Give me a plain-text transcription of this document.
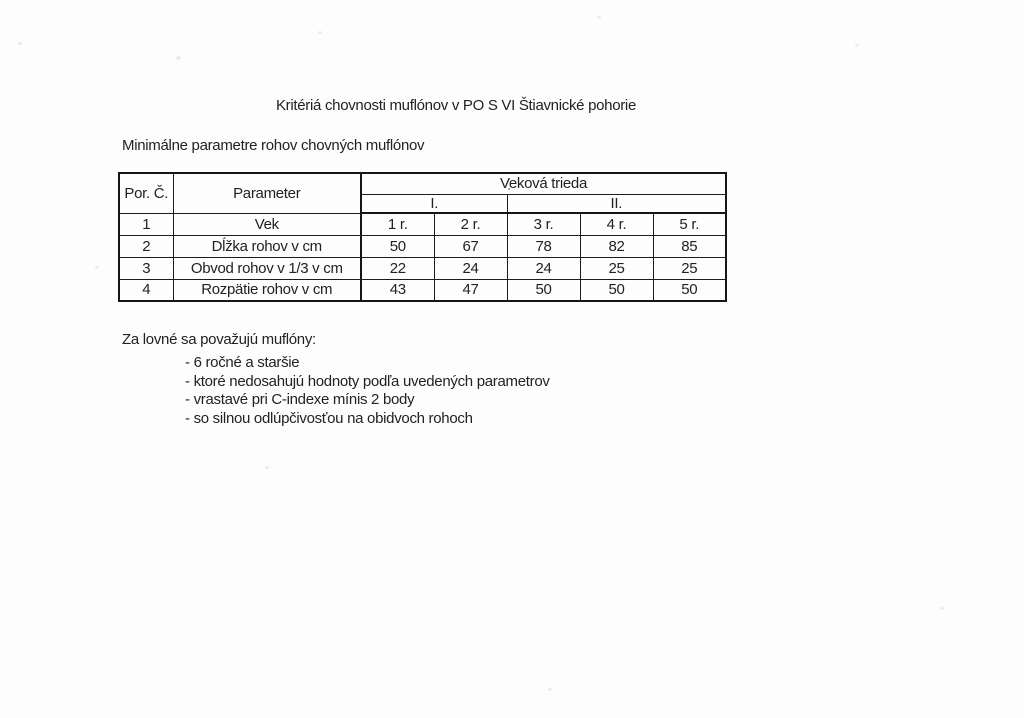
Kritériá chovnosti muflónov v PO S VI Štiavnické pohorie
Minimálne parametre rohov chovných muflónov
Por. Č.	Parameter	Veková trieda				
		I.		II.		
1	Vek	1 r.	2 r.	3 r.	4 r.	5 r.
2	Dĺžka rohov v cm	50	67	78	82	85
3	Obvod rohov v 1/3 v cm	22	24	24	25	25
4	Rozpätie rohov v cm	43	47	50	50	50
Za lovné sa považujú muflóny:
- 6 ročné a staršie
- ktoré nedosahujú hodnoty podľa uvedených parametrov
- vrastavé pri C-indexe mínis 2 body
- so silnou odlúpčivosťou na obidvoch rohoch
